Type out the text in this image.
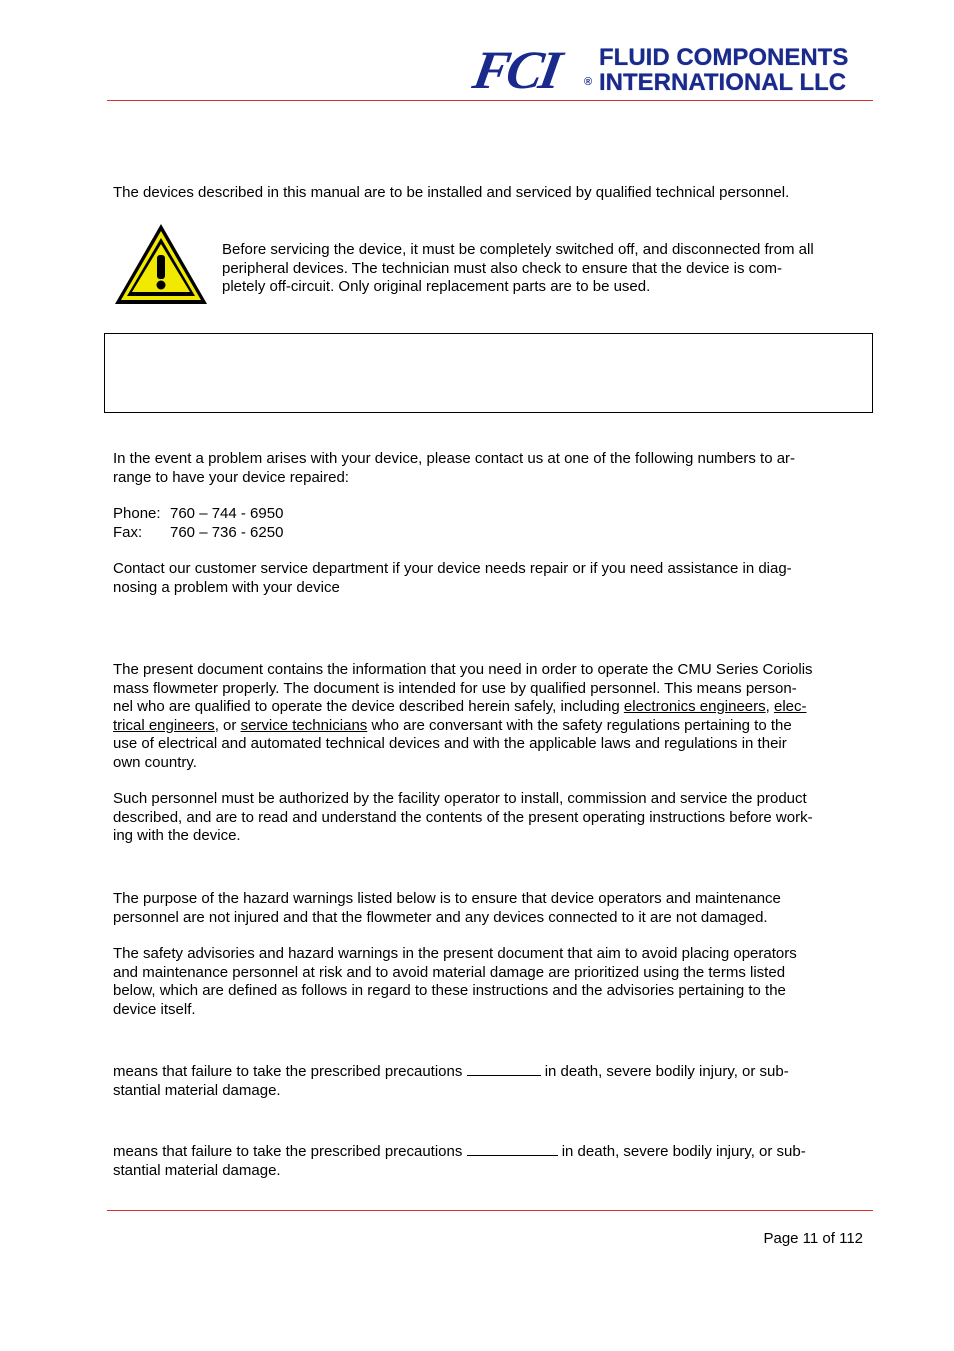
FCI ®
FLUID COMPONENTS
INTERNATIONAL LLC
The devices described in this manual are to be installed and serviced by qualified technical personnel.
Before servicing the device, it must be completely switched off, and disconnected from all
peripheral devices. The technician must also check to ensure that the device is com-
pletely off-circuit. Only original replacement parts are to be used.
In the event a problem arises with your device, please contact us at one of the following numbers to ar-
range to have your device repaired:
Phone: 760 – 744 - 6950
Fax: 760 – 736 - 6250
Contact our customer service department if your device needs repair or if you need assistance in diag-
nosing a problem with your device
The present document contains the information that you need in order to operate the CMU Series Coriolis
mass flowmeter properly. The document is intended for use by qualified personnel. This means person-
nel who are qualified to operate the device described herein safely, including electronics engineers, elec-
trical engineers, or service technicians who are conversant with the safety regulations pertaining to the
use of electrical and automated technical devices and with the applicable laws and regulations in their
own country.
Such personnel must be authorized by the facility operator to install, commission and service the product
described, and are to read and understand the contents of the present operating instructions before work-
ing with the device.
The purpose of the hazard warnings listed below is to ensure that device operators and maintenance
personnel are not injured and that the flowmeter and any devices connected to it are not damaged.
The safety advisories and hazard warnings in the present document that aim to avoid placing operators
and maintenance personnel at risk and to avoid material damage are prioritized using the terms listed
below, which are defined as follows in regard to these instructions and the advisories pertaining to the
device itself.
means that failure to take the prescribed precautions	in death, severe bodily injury, or sub-
stantial material damage.
means that failure to take the prescribed precautions	in death, severe bodily injury, or sub-
stantial material damage.
Page 11 of 112
